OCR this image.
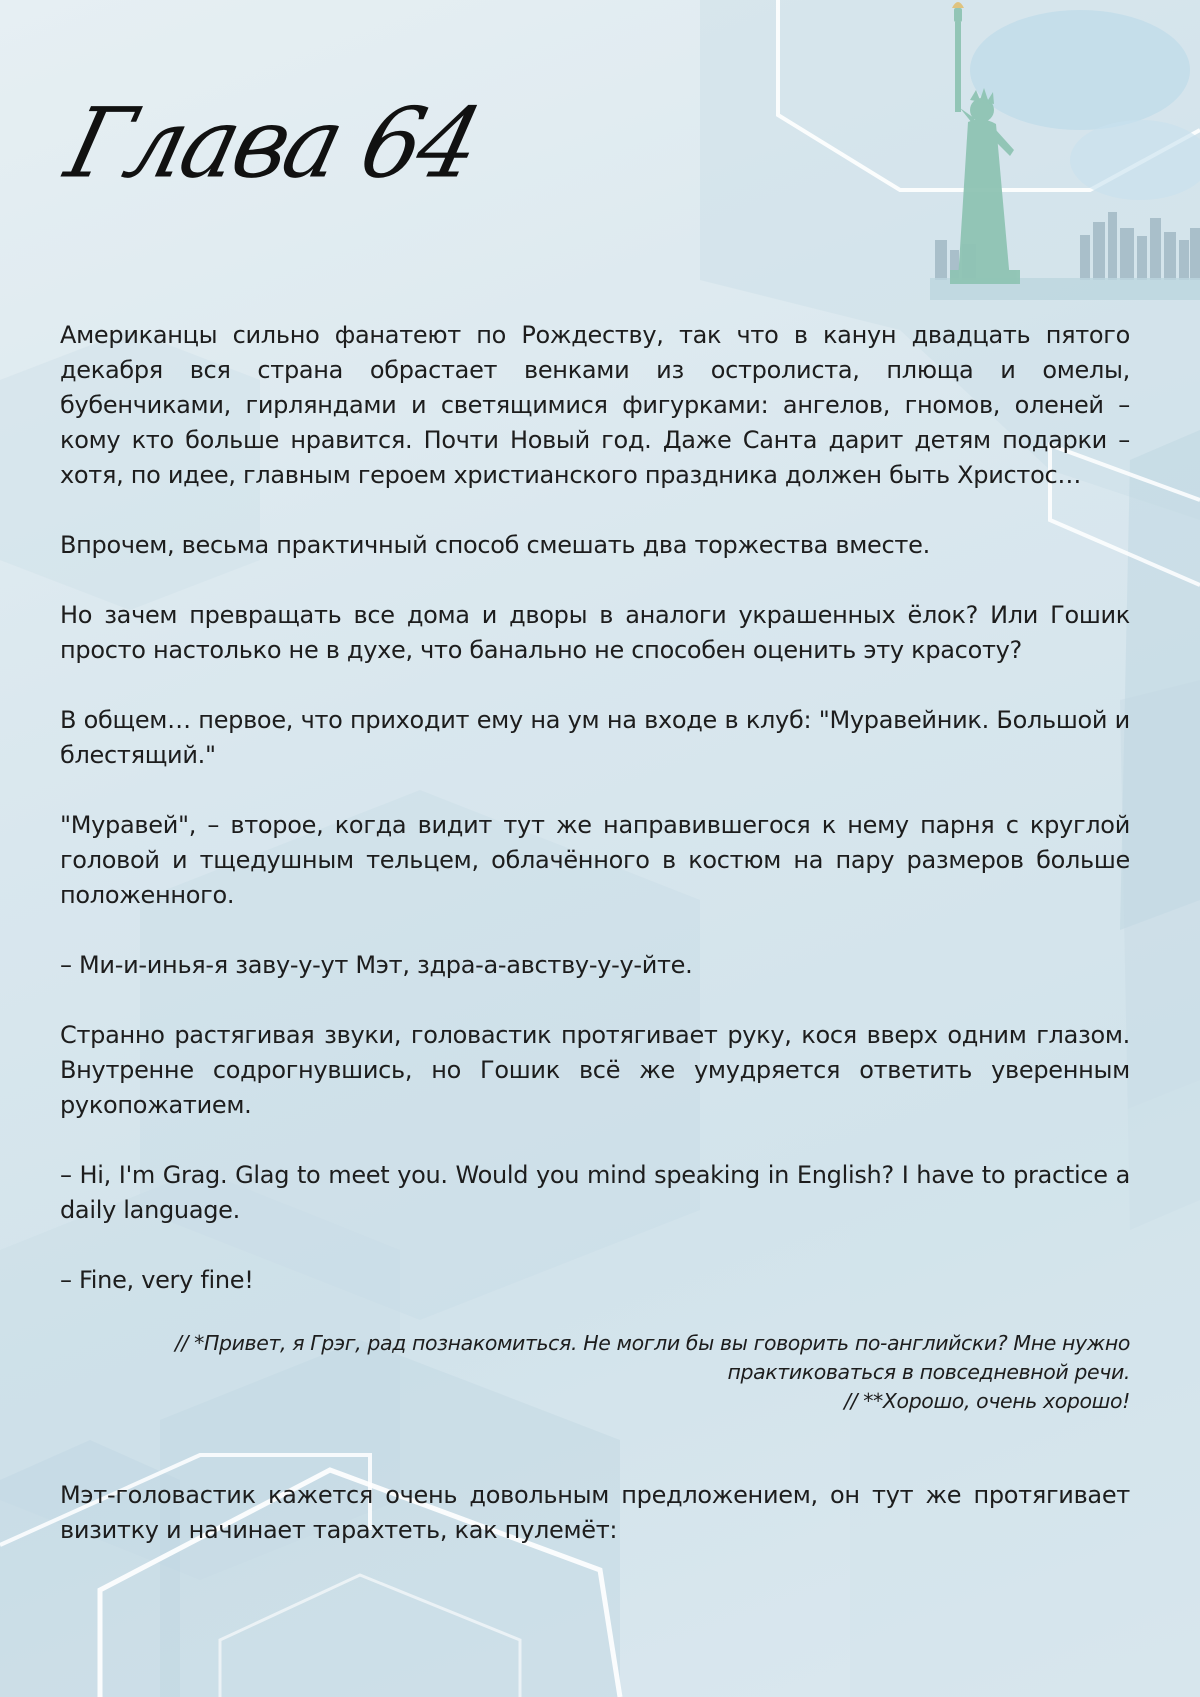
Глава 64

Американцы сильно фанатеют по Рождеству, так что в канун двадцать пятого декабря вся страна обрастает венками из остролиста, плюща и омелы, бубенчиками, гирляндами и светящимися фигурками: ангелов, гномов, оленей – кому кто больше нравится. Почти Новый год. Даже Санта дарит детям подарки – хотя, по идее, главным героем христианского праздника должен быть Христос…

Впрочем, весьма практичный способ смешать два торжества вместе.

Но зачем превращать все дома и дворы в аналоги украшенных ёлок? Или Гошик просто настолько не в духе, что банально не способен оценить эту красоту?

В общем… первое, что приходит ему на ум на входе в клуб: "Муравейник. Большой и блестящий."

"Муравей", – второе, когда видит тут же направившегося к нему парня с круглой головой и тщедушным тельцем, облачённого в костюм на пару размеров больше положенного.

– Ми-и-инья-я заву-у-ут Мэт, здра-а-авству-у-у-йте.

Странно растягивая звуки, головастик протягивает руку, кося вверх одним глазом. Внутренне содрогнувшись, но Гошик всё же умудряется ответить уверенным рукопожатием.

– Hi, I'm Grag. Glag to meet you. Would you mind speaking in English? I have to practice a daily language.

– Fine, very fine!

// *Привет, я Грэг, рад познакомиться. Не могли бы вы говорить по-английски? Мне нужно
практиковаться в повседневной речи.
// **Хорошо, очень хорошо!

Мэт-головастик кажется очень довольным предложением, он тут же протягивает визитку и начинает тарахтеть, как пулемёт:
